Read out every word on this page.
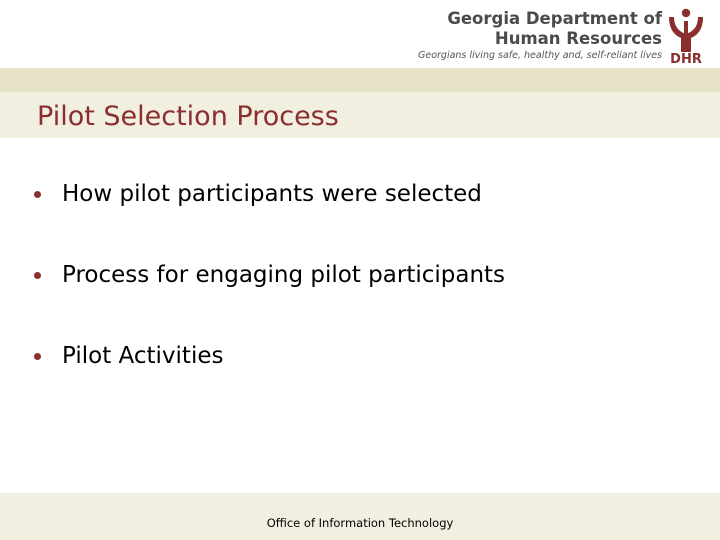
Georgia Department of
Human Resources
Georgians living safe, healthy and, self-reliant lives DHR
Pilot Selection Process
How pilot participants were selected
Process for engaging pilot participants
Pilot Activities
Office of Information Technology
